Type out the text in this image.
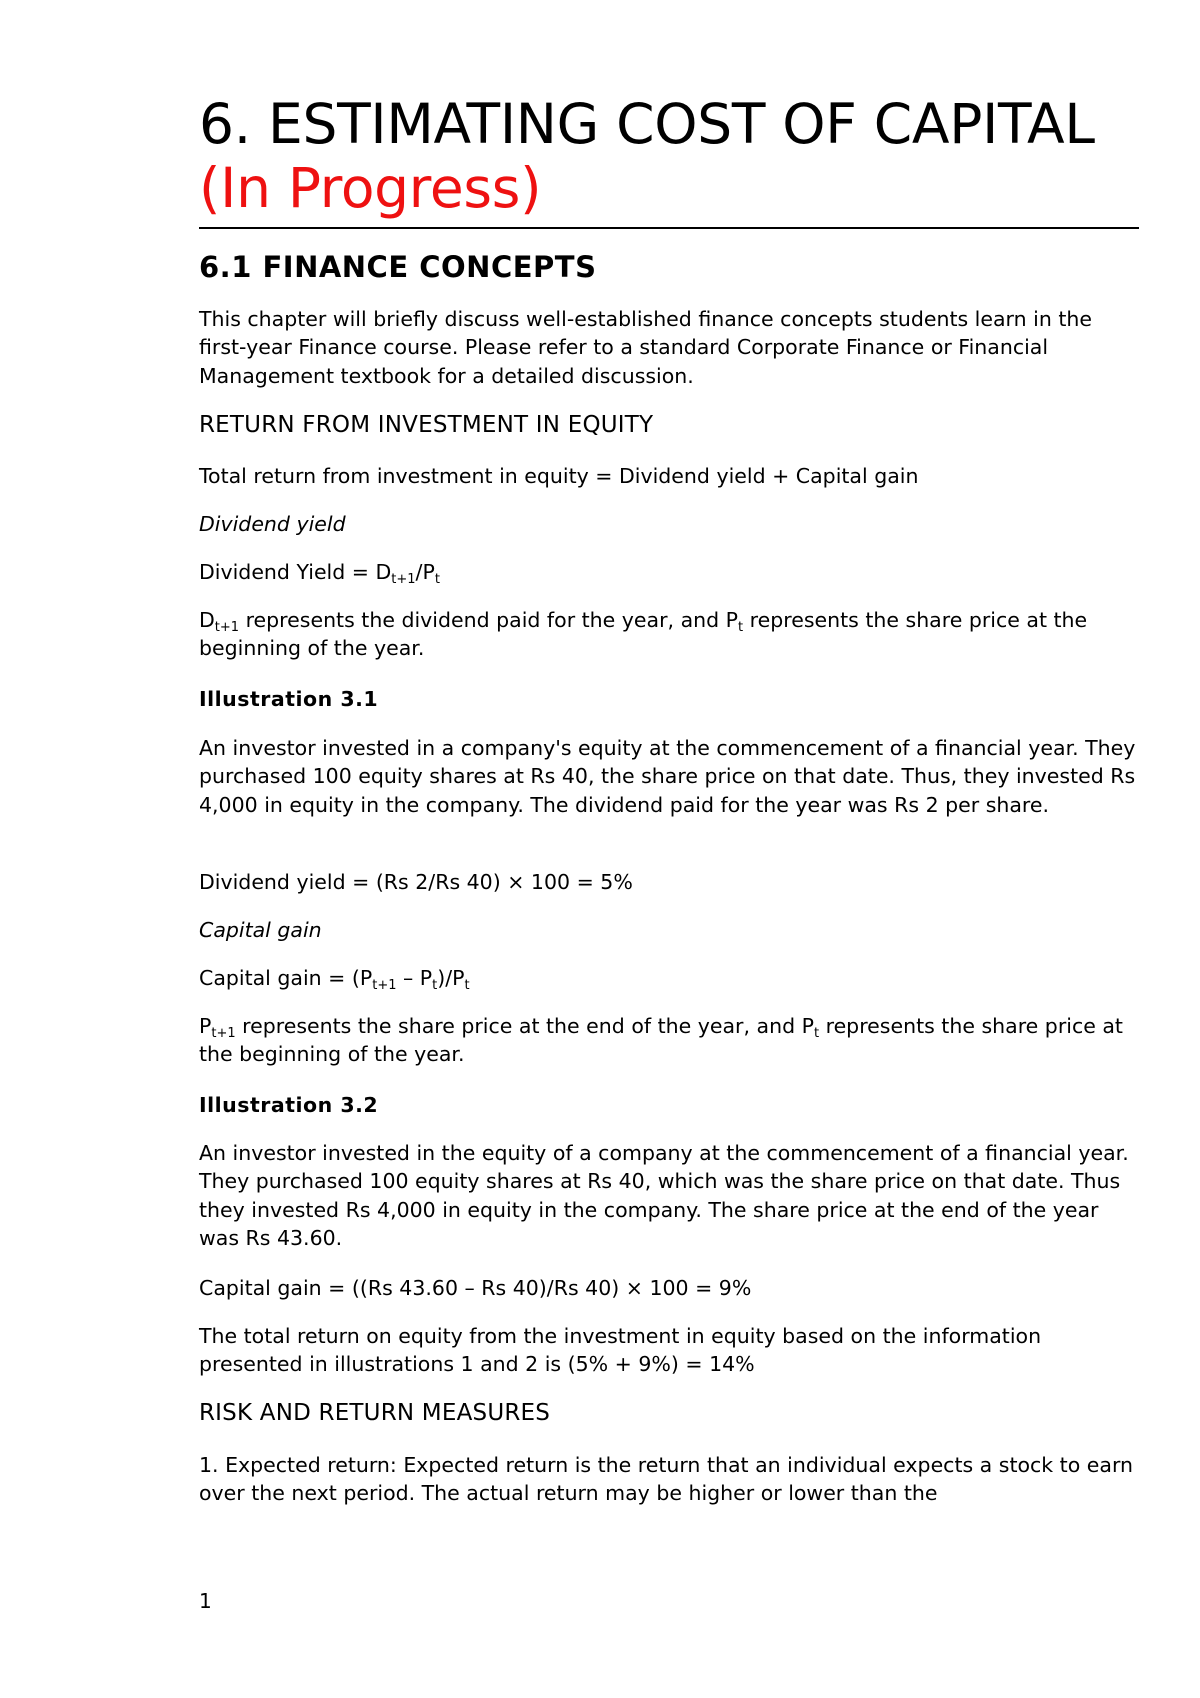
6. ESTIMATING COST OF CAPITAL
(In Progress)
6.1 FINANCE CONCEPTS

This chapter will briefly discuss well-established finance concepts students learn in the first-year Finance course. Please refer to a standard Corporate Finance or Financial Management textbook for a detailed discussion.

RETURN FROM INVESTMENT IN EQUITY

Total return from investment in equity = Dividend yield + Capital gain

Dividend yield

Dividend Yield = $D_{t+1}/P_t$

$D_{t+1}$ represents the dividend paid for the year, and $P_t$ represents the share price at the beginning of the year.

Illustration 3.1

An investor invested in a company's equity at the commencement of a financial year. They purchased 100 equity shares at Rs 40, the share price on that date. Thus, they invested Rs 4,000 in equity in the company. The dividend paid for the year was Rs 2 per share.

Dividend yield = (Rs 2/Rs 40) × 100 = 5%

Capital gain

Capital gain = $(P_{t+1} - P_t)/P_t$

$P_{t+1}$ represents the share price at the end of the year, and $P_t$ represents the share price at the beginning of the year.

Illustration 3.2

An investor invested in the equity of a company at the commencement of a financial year. They purchased 100 equity shares at Rs 40, which was the share price on that date. Thus they invested Rs 4,000 in equity in the company. The share price at the end of the year was Rs 43.60.

Capital gain = ((Rs 43.60 – Rs 40)/Rs 40) × 100 = 9%

The total return on equity from the investment in equity based on the information presented in illustrations 1 and 2 is (5% + 9%) = 14%

RISK AND RETURN MEASURES

1. Expected return: Expected return is the return that an individual expects a stock to earn over the next period. The actual return may be higher or lower than the

1
